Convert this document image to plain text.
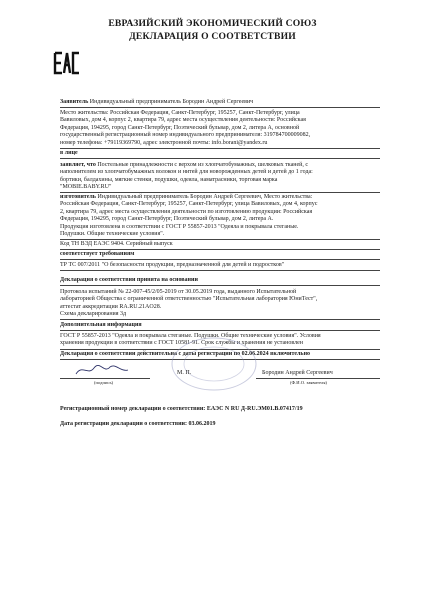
ЕВРАЗИЙСКИЙ ЭКОНОМИЧЕСКИЙ СОЮЗ
ДЕКЛАРАЦИЯ О СООТВЕТСТВИИ
Заявитель Индивидуальный предприниматель Бородин Андрей Сергеевич
Место жительства: Российская Федерация, Санкт-Петербург, 195257, Санкт-Петербург, улица
Вавиловых, дом 4, корпус 2, квартира 79, адрес места осуществления деятельности: Российская
Федерация, 194295, город Санкт-Петербург, Поэтический бульвар, дом 2, литера А, основной
государственный регистрационный номер индивидуального предпринимателя: 319784700009082,
номер телефона: +79119369790, адрес электронной почты: info.borani@yandex.ru
в лице
заявляет, что Постельные принадлежности с верхом из хлопчатобумажных, шелковых тканей, с
наполнителем из хлопчатобумажных волокон и нитей для новорожденных детей и детей до 1 года:
бортики, балдахины, мягкие стенки, подушки, одеяла, наматрасники, торговая марка
"MOBIE.BABY.RU"
изготовитель Индивидуальный предприниматель Бородин Андрей Сергеевич, Место жительства:
Российская Федерация, Санкт-Петербург, 195257, Санкт-Петербург, улица Вавиловых, дом 4, корпус
2, квартира 79, адрес места осуществления деятельности по изготовлению продукции: Российская
Федерация, 194295, город Санкт-Петербург, Поэтический бульвар, дом 2, литера А.
Продукция изготовлена в соответствии с ГОСТ Р 55857-2013 "Одеяла и покрывала стеганые.
Подушки. Общие технические условия".
Код ТН ВЭД ЕАЭС 9404. Серийный выпуск
соответствует требованиям
ТР ТС 007/2011 "О безопасности продукции, предназначенной для детей и подростков"
Декларация о соответствии принята на основании
Протокола испытаний № 22-007-45/2/05-2019 от 30.05.2019 года, выданного Испытательной
лабораторией Общества с ограниченной ответственностью "Испытательная лаборатория ЮниТест",
аттестат аккредитации RA.RU.21AO28.
Схема декларирования 3д
Дополнительная информация
ГОСТ Р 55857-2013 "Одеяла и покрывала стеганые. Подушки. Общие технические условия". Условия
хранения продукции в соответствии с ГОСТ 10581-91. Срок службы и хранения не установлен
Декларация о соответствии действительна с даты регистрации по 02.06.2024 включительно
(подпись)
М. П.	Бородин Андрей Сергеевич
(Ф.И.О. заявителя)
Регистрационный номер декларации о соответствии: ЕАЭС N RU Д-RU.ЭМ01.В.07417/19
Дата регистрации декларации о соответствии: 03.06.2019
